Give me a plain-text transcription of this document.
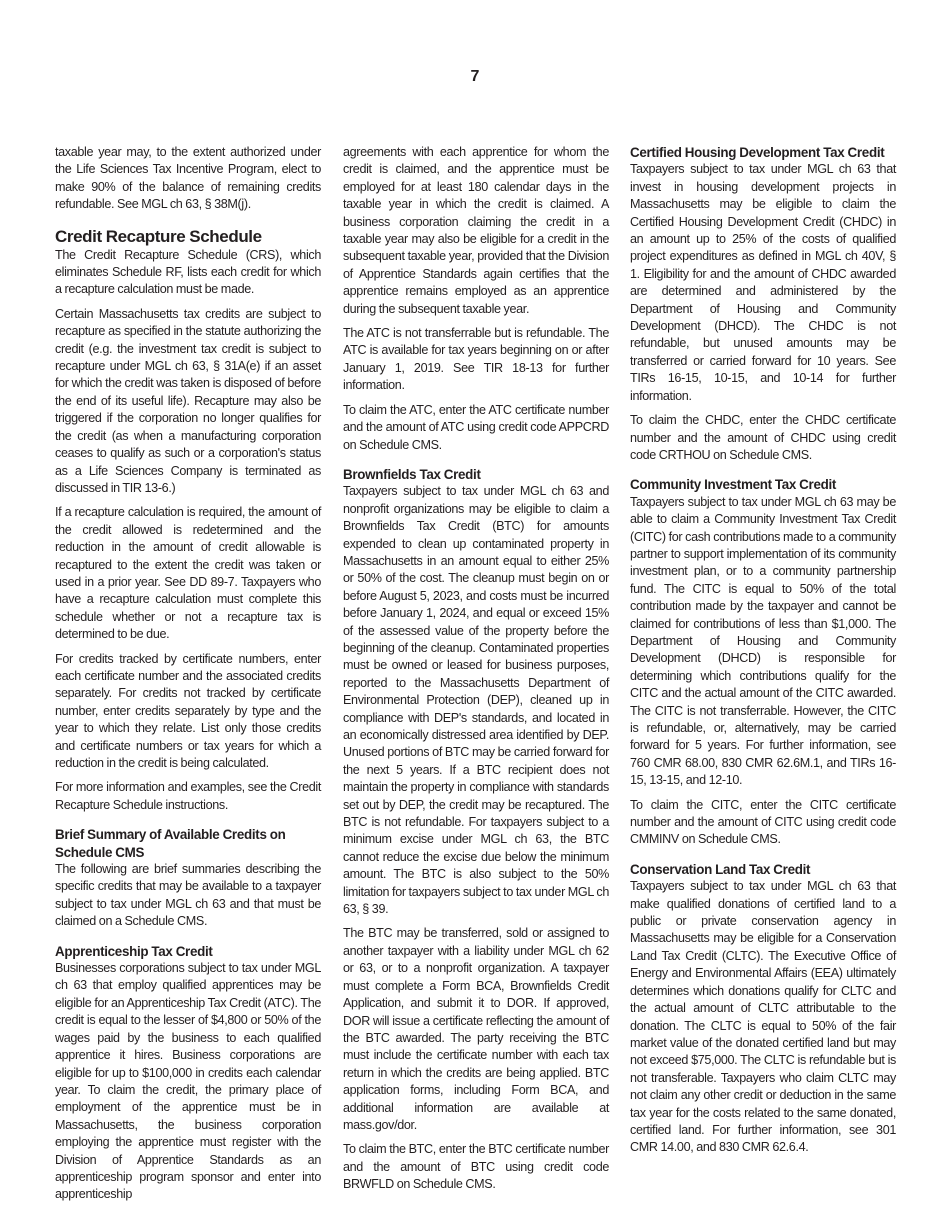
7

taxable year may, to the extent authorized under the Life Sciences Tax Incentive Program, elect to make 90% of the balance of remaining credits refundable. See MGL ch 63, § 38M(j).

Credit Recapture Schedule

The Credit Recapture Schedule (CRS), which eliminates Schedule RF, lists each credit for which a recapture calculation must be made.

Certain Massachusetts tax credits are subject to recapture as specified in the statute authorizing the credit (e.g. the investment tax credit is subject to recapture under MGL ch 63, § 31A(e) if an asset for which the credit was taken is disposed of before the end of its useful life). Recapture may also be triggered if the corporation no longer qualifies for the credit (as when a manufacturing corporation ceases to qualify as such or a corporation's status as a Life Sciences Company is terminated as discussed in TIR 13-6.)

If a recapture calculation is required, the amount of the credit allowed is redetermined and the reduction in the amount of credit allowable is recaptured to the extent the credit was taken or used in a prior year. See DD 89-7. Taxpayers who have a recapture calculation must complete this schedule whether or not a recapture tax is determined to be due.

For credits tracked by certificate numbers, enter each certificate number and the associated credits separately. For credits not tracked by certificate number, enter credits separately by type and the year to which they relate. List only those credits and certificate numbers or tax years for which a reduction in the credit is being calculated.

For more information and examples, see the Credit Recapture Schedule instructions.

Brief Summary of Available Credits on Schedule CMS

The following are brief summaries describing the specific credits that may be available to a taxpayer subject to tax under MGL ch 63 and that must be claimed on a Schedule CMS.

Apprenticeship Tax Credit

Businesses corporations subject to tax under MGL ch 63 that employ qualified apprentices may be eligible for an Apprenticeship Tax Credit (ATC). The credit is equal to the lesser of $4,800 or 50% of the wages paid by the business to each qualified apprentice it hires. Business corporations are eligible for up to $100,000 in credits each calendar year. To claim the credit, the primary place of employment of the apprentice must be in Massachusetts, the business corporation employing the apprentice must register with the Division of Apprentice Standards as an apprenticeship program sponsor and enter into apprenticeship

agreements with each apprentice for whom the credit is claimed, and the apprentice must be employed for at least 180 calendar days in the taxable year in which the credit is claimed. A business corporation claiming the credit in a taxable year may also be eligible for a credit in the subsequent taxable year, provided that the Division of Apprentice Standards again certifies that the apprentice remains employed as an apprentice during the subsequent taxable year.

The ATC is not transferrable but is refundable. The ATC is available for tax years beginning on or after January 1, 2019. See TIR 18-13 for further information.

To claim the ATC, enter the ATC certificate number and the amount of ATC using credit code APPCRD on Schedule CMS.

Brownfields Tax Credit

Taxpayers subject to tax under MGL ch 63 and nonprofit organizations may be eligible to claim a Brownfields Tax Credit (BTC) for amounts expended to clean up contaminated property in Massachusetts in an amount equal to either 25% or 50% of the cost. The cleanup must begin on or before August 5, 2023, and costs must be incurred before January 1, 2024, and equal or exceed 15% of the assessed value of the property before the beginning of the cleanup. Contaminated properties must be owned or leased for business purposes, reported to the Massachusetts Department of Environmental Protection (DEP), cleaned up in compliance with DEP's standards, and located in an economically distressed area identified by DEP. Unused portions of BTC may be carried forward for the next 5 years. If a BTC recipient does not maintain the property in compliance with standards set out by DEP, the credit may be recaptured. The BTC is not refundable. For taxpayers subject to a minimum excise under MGL ch 63, the BTC cannot reduce the excise due below the minimum amount. The BTC is also subject to the 50% limitation for taxpayers subject to tax under MGL ch 63, § 39.

The BTC may be transferred, sold or assigned to another taxpayer with a liability under MGL ch 62 or 63, or to a nonprofit organization. A taxpayer must complete a Form BCA, Brownfields Credit Application, and submit it to DOR. If approved, DOR will issue a certificate reflecting the amount of the BTC awarded. The party receiving the BTC must include the certificate number with each tax return in which the credits are being applied. BTC application forms, including Form BCA, and additional information are available at mass.gov/dor.

To claim the BTC, enter the BTC certificate number and the amount of BTC using credit code BRWFLD on Schedule CMS.

Certified Housing Development Tax Credit

Taxpayers subject to tax under MGL ch 63 that invest in housing development projects in Massachusetts may be eligible to claim the Certified Housing Development Credit (CHDC) in an amount up to 25% of the costs of qualified project expenditures as defined in MGL ch 40V, § 1. Eligibility for and the amount of CHDC awarded are determined and administered by the Department of Housing and Community Development (DHCD). The CHDC is not refundable, but unused amounts may be transferred or carried forward for 10 years. See TIRs 16-15, 10-15, and 10-14 for further information.

To claim the CHDC, enter the CHDC certificate number and the amount of CHDC using credit code CRTHOU on Schedule CMS.

Community Investment Tax Credit

Taxpayers subject to tax under MGL ch 63 may be able to claim a Community Investment Tax Credit (CITC) for cash contributions made to a community partner to support implementation of its community investment plan, or to a community partnership fund. The CITC is equal to 50% of the total contribution made by the taxpayer and cannot be claimed for contributions of less than $1,000. The Department of Housing and Community Development (DHCD) is responsible for determining which contributions qualify for the CITC and the actual amount of the CITC awarded. The CITC is not transferrable. However, the CITC is refundable, or, alternatively, may be carried forward for 5 years. For further information, see 760 CMR 68.00, 830 CMR 62.6M.1, and TIRs 16-15, 13-15, and 12-10.

To claim the CITC, enter the CITC certificate number and the amount of CITC using credit code CMMINV on Schedule CMS.

Conservation Land Tax Credit

Taxpayers subject to tax under MGL ch 63 that make qualified donations of certified land to a public or private conservation agency in Massachusetts may be eligible for a Conservation Land Tax Credit (CLTC). The Executive Office of Energy and Environmental Affairs (EEA) ultimately determines which donations qualify for CLTC and the actual amount of CLTC attributable to the donation. The CLTC is equal to 50% of the fair market value of the donated certified land but may not exceed $75,000. The CLTC is refundable but is not transferable. Taxpayers who claim CLTC may not claim any other credit or deduction in the same tax year for the costs related to the same donated, certified land. For further information, see 301 CMR 14.00, and 830 CMR 62.6.4.
